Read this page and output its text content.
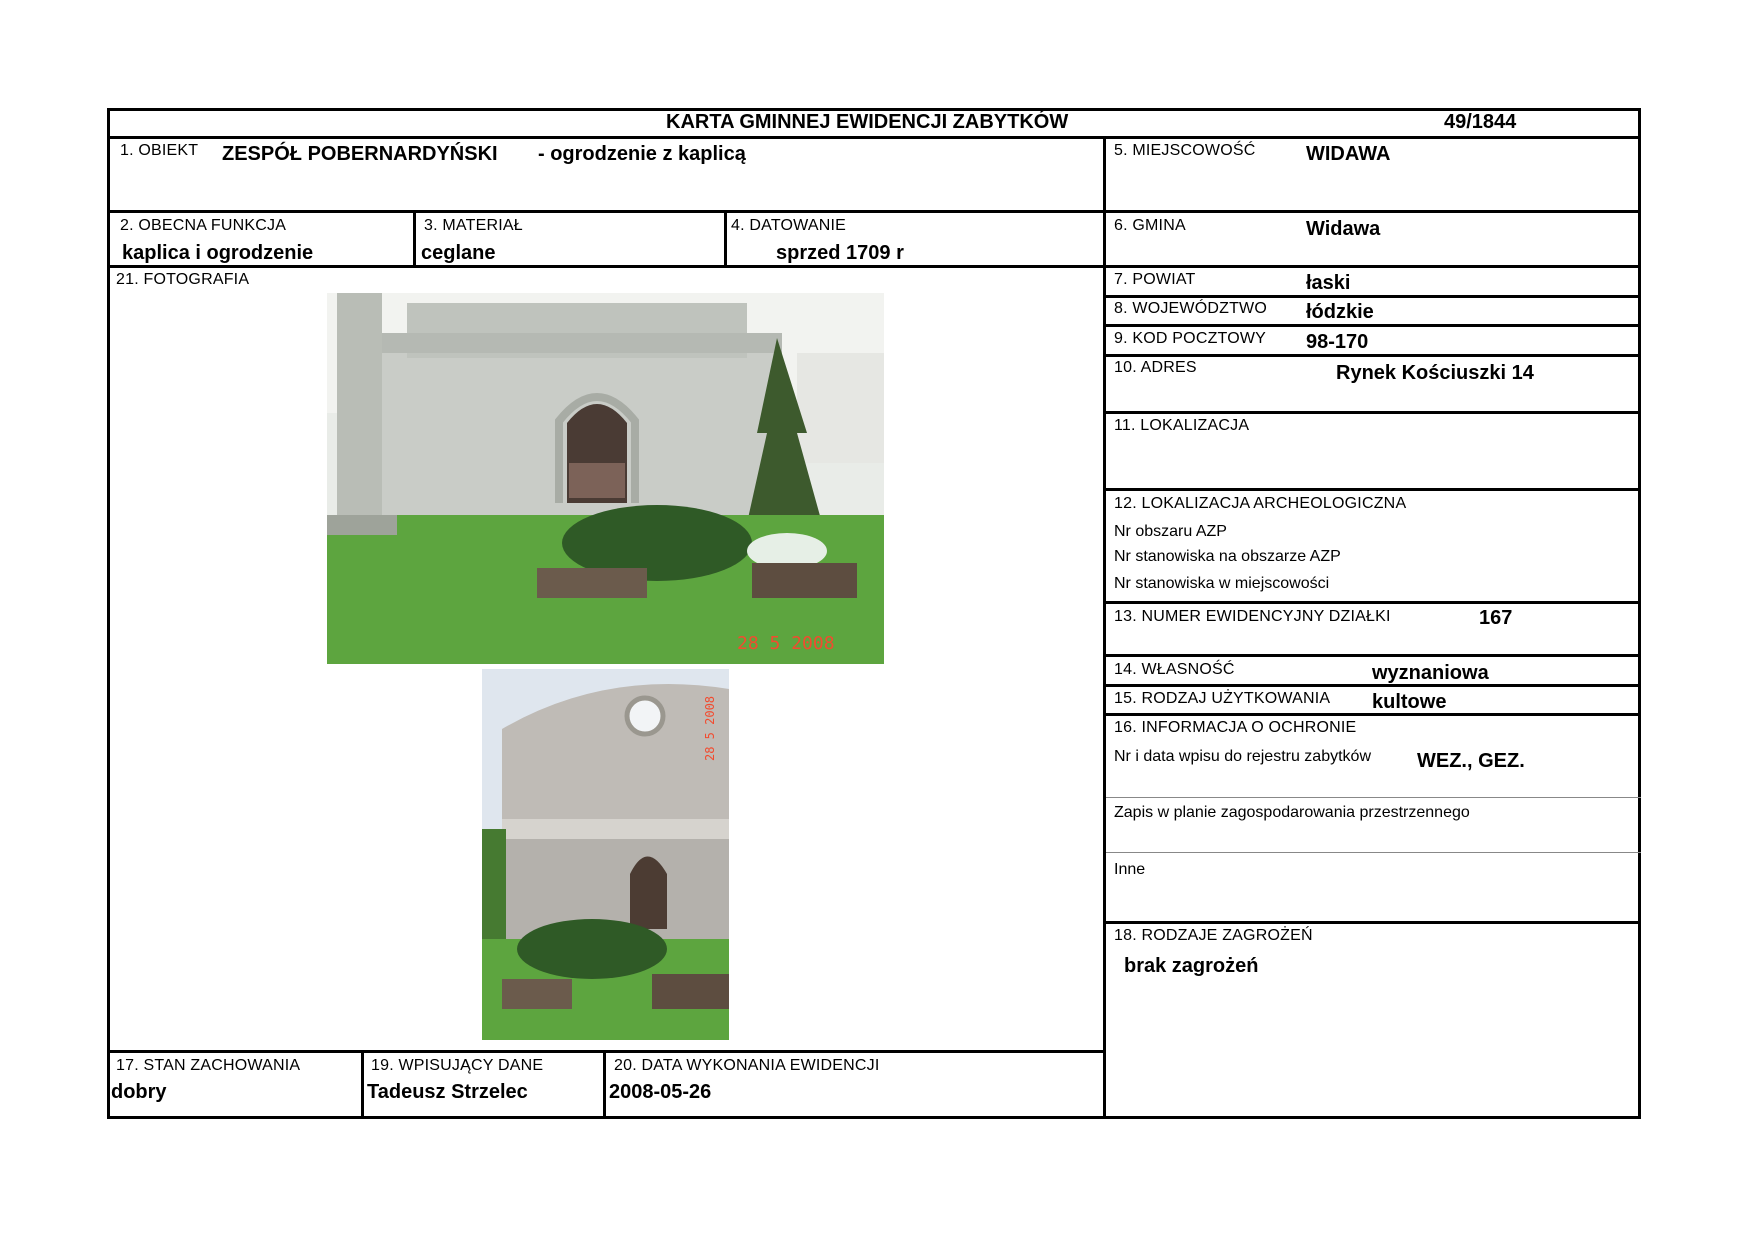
KARTA GMINNEJ EWIDENCJI ZABYTKÓW	49/1844
1. OBIEKT ZESPÓŁ POBERNARDYŃSKI - ogrodzenie z kaplicą
2. OBECNA FUNKCJA
kaplica i ogrodzenie
3. MATERIAŁ
ceglane
4. DATOWANIE
sprzed 1709 r
21. FOTOGRAFIA
28 5 2008
28 5 2008
17. STAN ZACHOWANIA
dobry
19. WPISUJĄCY DANE
Tadeusz Strzelec
20. DATA WYKONANIA EWIDENCJI
2008-05-26
5. MIEJSCOWOŚĆ	WIDAWA
6. GMINA	Widawa
7. POWIAT	łaski
8. WOJEWÓDZTWO łódzkie
9. KOD POCZTOWY 98-170
10. ADRES	Rynek Kościuszki 14
11. LOKALIZACJA
12. LOKALIZACJA ARCHEOLOGICZNA
Nr obszaru AZP
Nr stanowiska na obszarze AZP
Nr stanowiska w miejscowości
13. NUMER EWIDENCYJNY DZIAŁKI	167
14. WŁASNOŚĆ	wyznaniowa
15. RODZAJ UŻYTKOWANIA kultowe
16. INFORMACJA O OCHRONIE
Nr i data wpisu do rejestru zabytków WEZ., GEZ.
Zapis w planie zagospodarowania przestrzennego
Inne
18. RODZAJE ZAGROŻEŃ
brak zagrożeń
